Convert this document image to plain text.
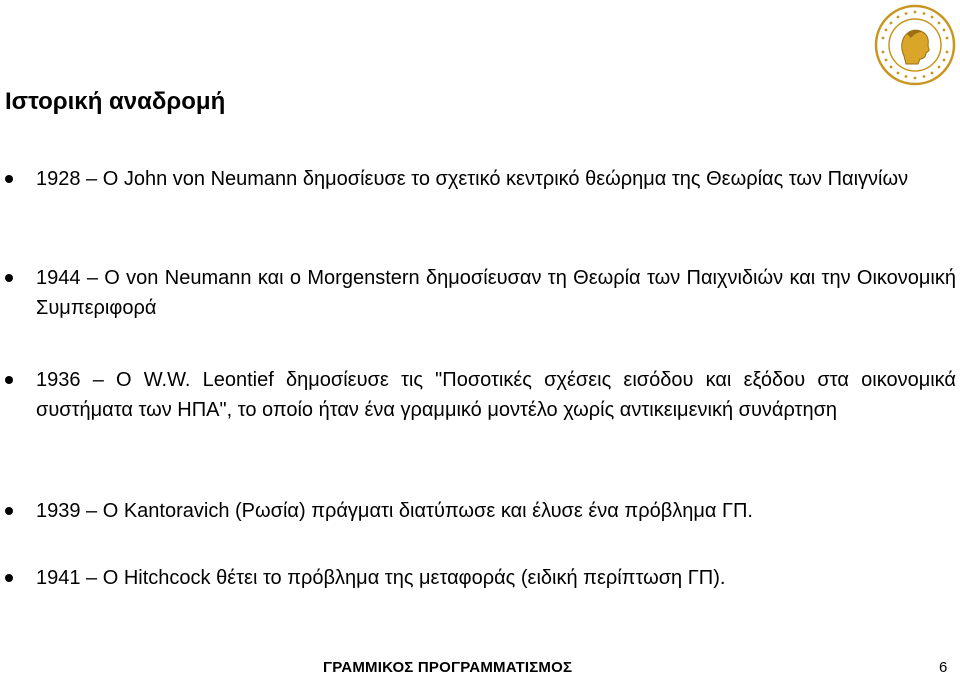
Ιστορική αναδρομή
1928 – Ο John von Neumann δημοσίευσε το σχετικό κεντρικό θεώρημα της Θεωρίας των Παιγνίων
1944 – Ο von Neumann και ο Morgenstern δημοσίευσαν τη Θεωρία των Παιχνιδιών και την Οικονομική Συμπεριφορά
1936 – Ο W.W. Leontief δημοσίευσε τις "Ποσοτικές σχέσεις εισόδου και εξόδου στα οικονομικά συστήματα των ΗΠΑ", το οποίο ήταν ένα γραμμικό μοντέλο χωρίς αντικειμενική συνάρτηση
1939 – Ο Kantoravich (Ρωσία) πράγματι διατύπωσε και έλυσε ένα πρόβλημα ΓΠ.
1941 – Ο Hitchcock θέτει το πρόβλημα της μεταφοράς (ειδική περίπτωση ΓΠ).
ΓΡΑΜΜΙΚΟΣ ΠΡΟΓΡΑΜΜΑΤΙΣΜΟΣ	6
